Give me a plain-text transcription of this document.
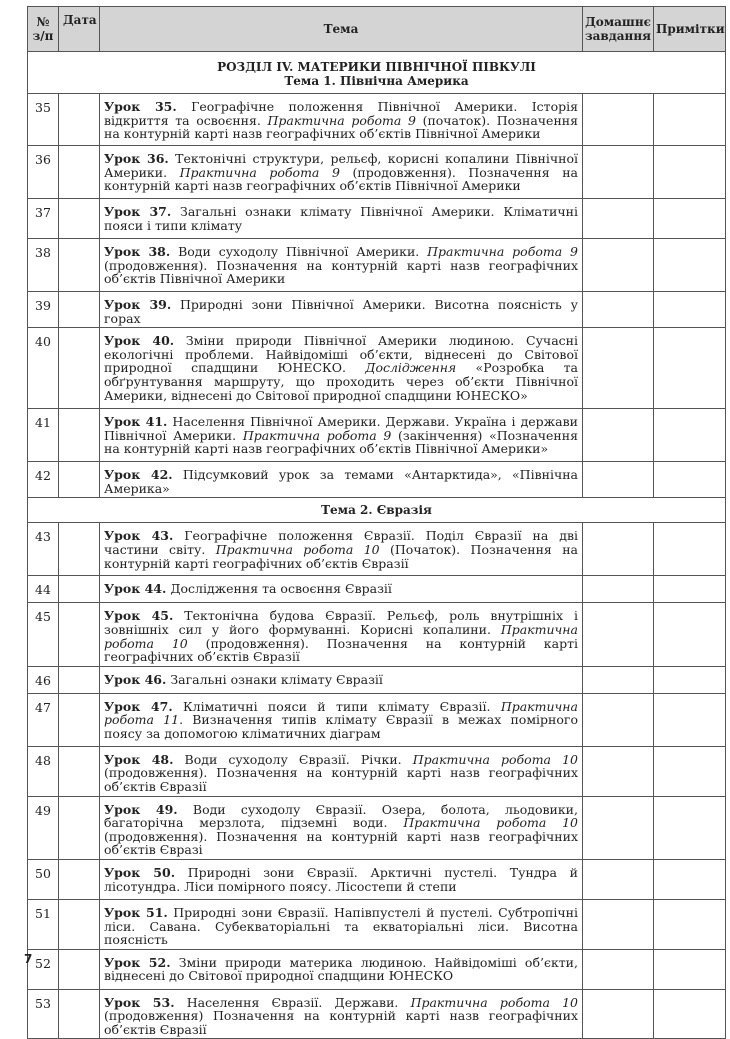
№ з/п	Дата	Тема	Домашнє завдання	Примітки

РОЗДІЛ IV. МАТЕРИКИ ПІВНІЧНОЇ ПІВКУЛІ
Тема 1. Північна Америка				

35		Урок 35. Географічне положення Північної Америки. Історія відкриття та освоєння. Практична робота 9 (початок). Позначення на контурній карті назв географічних об’єктів Північної Америки		
36		Урок 36. Тектонічні структури, рельєф, корисні копалини Північної Америки. Практична робота 9 (продовження). Позначення на контурній карті назв географічних об’єктів Північної Америки		
37		Урок 37. Загальні ознаки клімату Північної Америки. Кліматичні пояси і типи клімату		
38		Урок 38. Води суходолу Північної Америки. Практична робота 9 (продовження). Позначення на контурній карті назв географічних об’єктів Північної Америки		
39		Урок 39. Природні зони Північної Америки. Висотна поясність у горах		
40		Урок 40. Зміни природи Північної Америки людиною. Сучасні екологічні проблеми. Найвідоміші об’єкти, віднесені до Світової природної спадщини ЮНЕСКО. Дослідження «Розробка та обґрунтування маршруту, що проходить через об’єкти Північної Америки, віднесені до Світової природної спадщини ЮНЕСКО»		
41		Урок 41. Населення Північної Америки. Держави. Україна і держави Північної Америки. Практична робота 9 (закінчення) «Позначення на контурній карті назв географічних об’єктів Північної Америки»		
42		Урок 42. Підсумковий урок за темами «Антарктида», «Північна Америка»		
Тема 2. Євразія				
43		Урок 43. Географічне положення Євразії. Поділ Євразії на дві частини світу. Практична робота 10 (Початок). Позначення на контурній карті географічних об’єктів Євразії		
44		Урок 44. Дослідження та освоєння Євразії		
45		Урок 45. Тектонічна будова Євразії. Рельєф, роль внутрішніх і зовнішніх сил у його формуванні. Корисні копалини. Практична робота 10 (продовження). Позначення на контурній карті географічних об’єктів Євразії		
46		Урок 46. Загальні ознаки клімату Євразії		
47		Урок 47. Кліматичні пояси й типи клімату Євразії. Практична робота 11. Визначення типів клімату Євразії в межах помірного поясу за допомогою кліматичних діаграм		
48		Урок 48. Води суходолу Євразії. Річки. Практична робота 10 (продовження). Позначення на контурній карті назв географічних об’єктів Євразії		
49		Урок 49. Води суходолу Євразії. Озера, болота, льодовики, багаторічна мерзлота, підземні води. Практична робота 10 (продовження). Позначення на контурній карті назв географічних об’єктів Євразі		
50		Урок 50. Природні зони Євразії. Арктичні пустелі. Тундра й лісотундра. Ліси помірного поясу. Лісостепи й степи		
51		Урок 51. Природні зони Євразії. Напівпустелі й пустелі. Субтропічні ліси. Савана. Субекваторіальні та екваторіальні ліси. Висотна поясність		
52		Урок 52. Зміни природи материка людиною. Найвідоміші об’єкти, віднесені до Світової природної спадщини ЮНЕСКО		
53		Урок 53. Населення Євразії. Держави. Практична робота 10 (продовження) Позначення на контурній карті назв географічних об’єктів Євразії		
7
